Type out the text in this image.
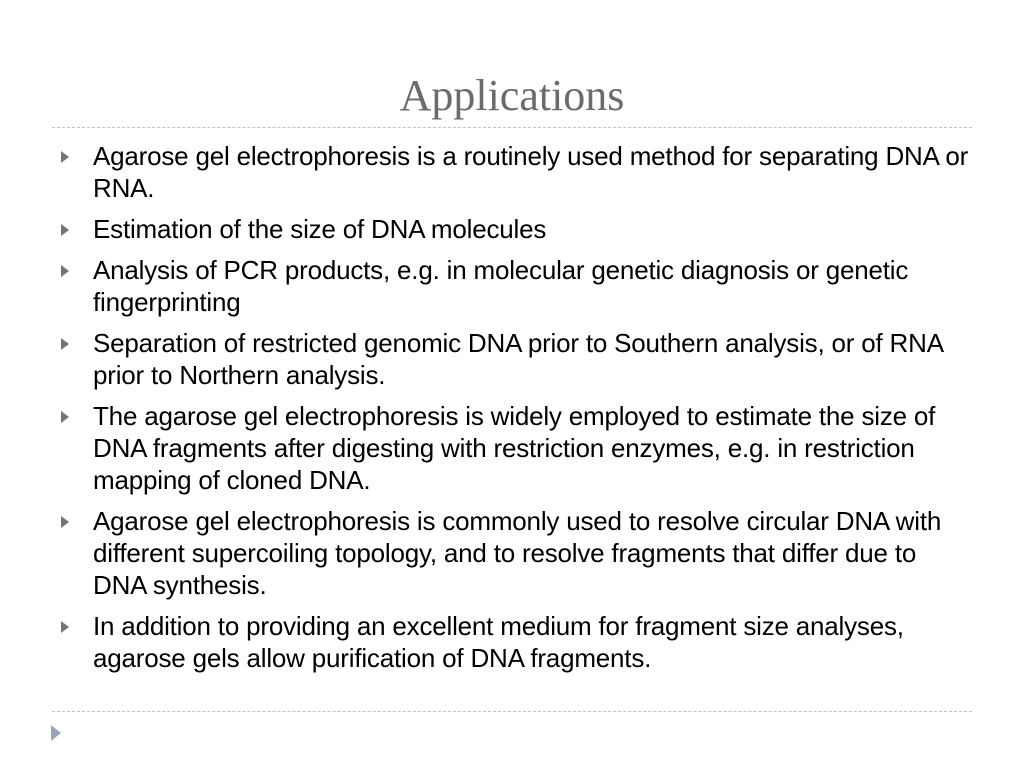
Applications
Agarose gel electrophoresis is a routinely used method for separating DNA or RNA.
Estimation of the size of DNA molecules
Analysis of PCR products, e.g. in molecular genetic diagnosis or genetic fingerprinting
Separation of restricted genomic DNA prior to Southern analysis, or of RNA prior to Northern analysis.
The agarose gel electrophoresis is widely employed to estimate the size of DNA fragments after digesting with restriction enzymes, e.g. in restriction mapping of cloned DNA.
Agarose gel electrophoresis is commonly used to resolve circular DNA with different supercoiling topology, and to resolve fragments that differ due to DNA synthesis.
In addition to providing an excellent medium for fragment size analyses, agarose gels allow purification of DNA fragments.
